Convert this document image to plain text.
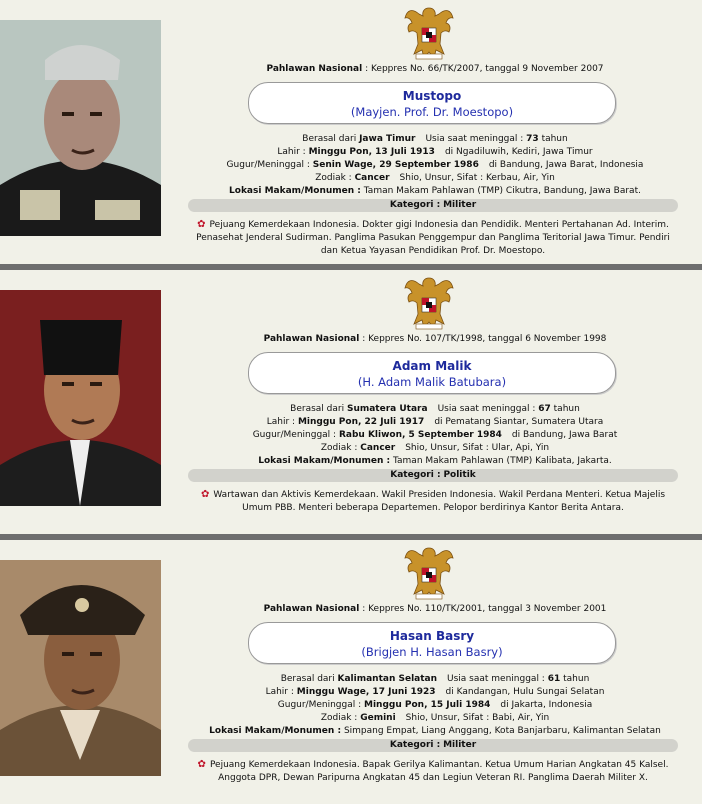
Pahlawan Nasional : Keppres No. 66/TK/2007, tanggal 9 November 2007
Mustopo
(Mayjen. Prof. Dr. Moestopo)
Berasal dari Jawa Timur Usia saat meninggal : 73 tahun
Lahir : Minggu Pon, 13 Juli 1913 di Ngadiluwih, Kediri, Jawa Timur
Gugur/Meninggal : Senin Wage, 29 September 1986 di Bandung, Jawa Barat, Indonesia
Zodiak : Cancer Shio, Unsur, Sifat : Kerbau, Air, Yin
Lokasi Makam/Monumen : Taman Makam Pahlawan (TMP) Cikutra, Bandung, Jawa Barat.
Kategori : Militer
✿ Pejuang Kemerdekaan Indonesia. Dokter gigi Indonesia dan Pendidik. Menteri Pertahanan Ad. Interim. Penasehat Jenderal Sudirman. Panglima Pasukan Penggempur dan Panglima Teritorial Jawa Timur. Pendiri dan Ketua Yayasan Pendidikan Prof. Dr. Moestopo.
Pahlawan Nasional : Keppres No. 107/TK/1998, tanggal 6 November 1998
Adam Malik
(H. Adam Malik Batubara)
Berasal dari Sumatera Utara Usia saat meninggal : 67 tahun
Lahir : Minggu Pon, 22 Juli 1917 di Pematang Siantar, Sumatera Utara
Gugur/Meninggal : Rabu Kliwon, 5 September 1984 di Bandung, Jawa Barat
Zodiak : Cancer Shio, Unsur, Sifat : Ular, Api, Yin
Lokasi Makam/Monumen : Taman Makam Pahlawan (TMP) Kalibata, Jakarta.
Kategori : Politik
✿ Wartawan dan Aktivis Kemerdekaan. Wakil Presiden Indonesia. Wakil Perdana Menteri. Ketua Majelis Umum PBB. Menteri beberapa Departemen. Pelopor berdirinya Kantor Berita Antara.
Pahlawan Nasional : Keppres No. 110/TK/2001, tanggal 3 November 2001
Hasan Basry
(Brigjen H. Hasan Basry)
Berasal dari Kalimantan Selatan Usia saat meninggal : 61 tahun
Lahir : Minggu Wage, 17 Juni 1923 di Kandangan, Hulu Sungai Selatan
Gugur/Meninggal : Minggu Pon, 15 Juli 1984 di Jakarta, Indonesia
Zodiak : Gemini Shio, Unsur, Sifat : Babi, Air, Yin
Lokasi Makam/Monumen : Simpang Empat, Liang Anggang, Kota Banjarbaru, Kalimantan Selatan
Kategori : Militer
✿ Pejuang Kemerdekaan Indonesia. Bapak Gerilya Kalimantan. Ketua Umum Harian Angkatan 45 Kalsel. Anggota DPR, Dewan Paripurna Angkatan 45 dan Legiun Veteran RI. Panglima Daerah Militer X.
